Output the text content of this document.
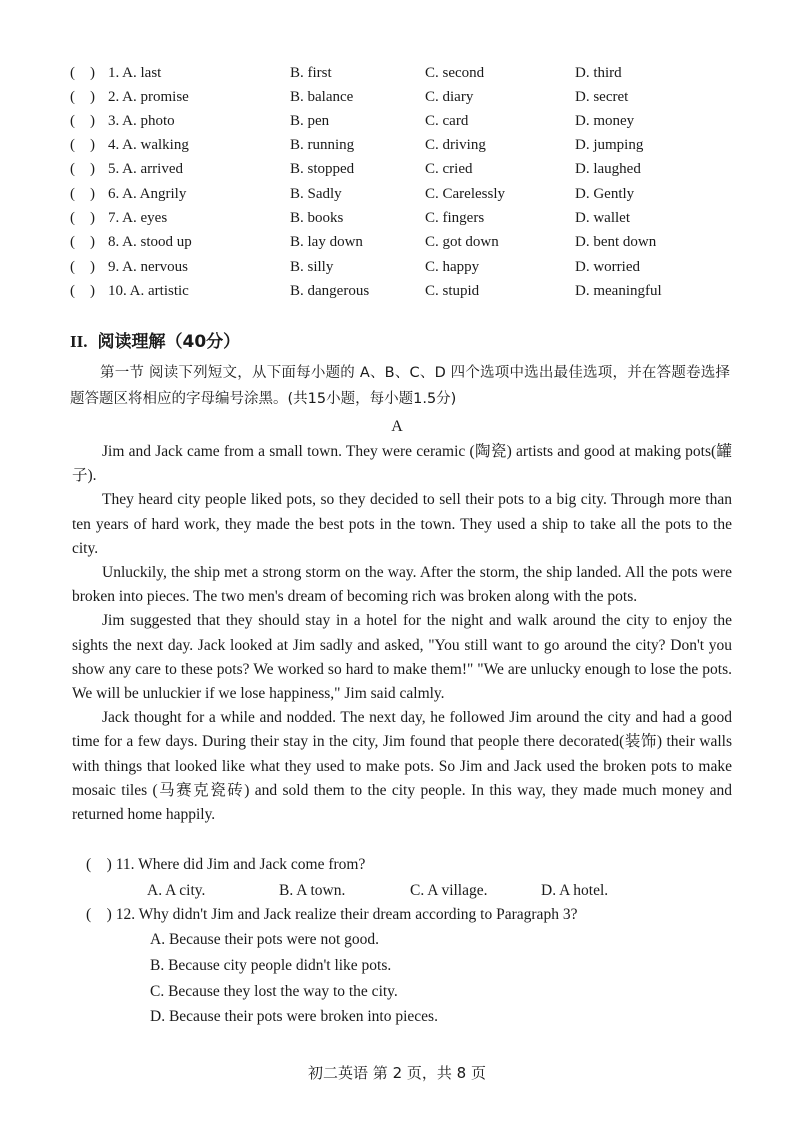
(　) 1. A. last	B. first	C. second	D. third
(　) 2. A. promise	B. balance	C. diary	D. secret
(　) 3. A. photo	B. pen	C. card	D. money
(　) 4. A. walking	B. running	C. driving	D. jumping
(　) 5. A. arrived	B. stopped	C. cried	D. laughed
(　) 6. A. Angrily	B. Sadly	C. Carelessly	D. Gently
(　) 7. A. eyes	B. books	C. fingers	D. wallet
(　) 8. A. stood up	B. lay down	C. got down	D. bent down
(　) 9. A. nervous	B. silly	C. happy	D. worried
(　) 10. A. artistic	B. dangerous	C. stupid	D. meaningful
II. 阅读理解（40分）
第一节 阅读下列短文，从下面每小题的 A、B、C、D 四个选项中选出最佳选项，并在答题卷选择题答题区将相应的字母编号涂黑。(共15小题，每小题1.5分)
A

Jim and Jack came from a small town. They were ceramic (陶瓷) artists and good at making pots(罐子).

They heard city people liked pots, so they decided to sell their pots to a big city. Through more than ten years of hard work, they made the best pots in the town. They used a ship to take all the pots to the city.

Unluckily, the ship met a strong storm on the way. After the storm, the ship landed. All the pots were broken into pieces. The two men's dream of becoming rich was broken along with the pots.

Jim suggested that they should stay in a hotel for the night and walk around the city to enjoy the sights the next day. Jack looked at Jim sadly and asked, "You still want to go around the city? Don't you show any care to these pots? We worked so hard to make them!" "We are unlucky enough to lose the pots. We will be unluckier if we lose happiness," Jim said calmly.

Jack thought for a while and nodded. The next day, he followed Jim around the city and had a good time for a few days. During their stay in the city, Jim found that people there decorated(装饰) their walls with things that looked like what they used to make pots. So Jim and Jack used the broken pots to make mosaic tiles (马赛克瓷砖) and sold them to the city people. In this way, they made much money and returned home happily.

(　) 11. Where did Jim and Jack come from?
A. A city.	B. A town.	C. A village.	D. A hotel.
(　) 12. Why didn't Jim and Jack realize their dream according to Paragraph 3?
A. Because their pots were not good.
B. Because city people didn't like pots.
C. Because they lost the way to the city.
D. Because their pots were broken into pieces.
初二英语 第 2 页，共 8 页
